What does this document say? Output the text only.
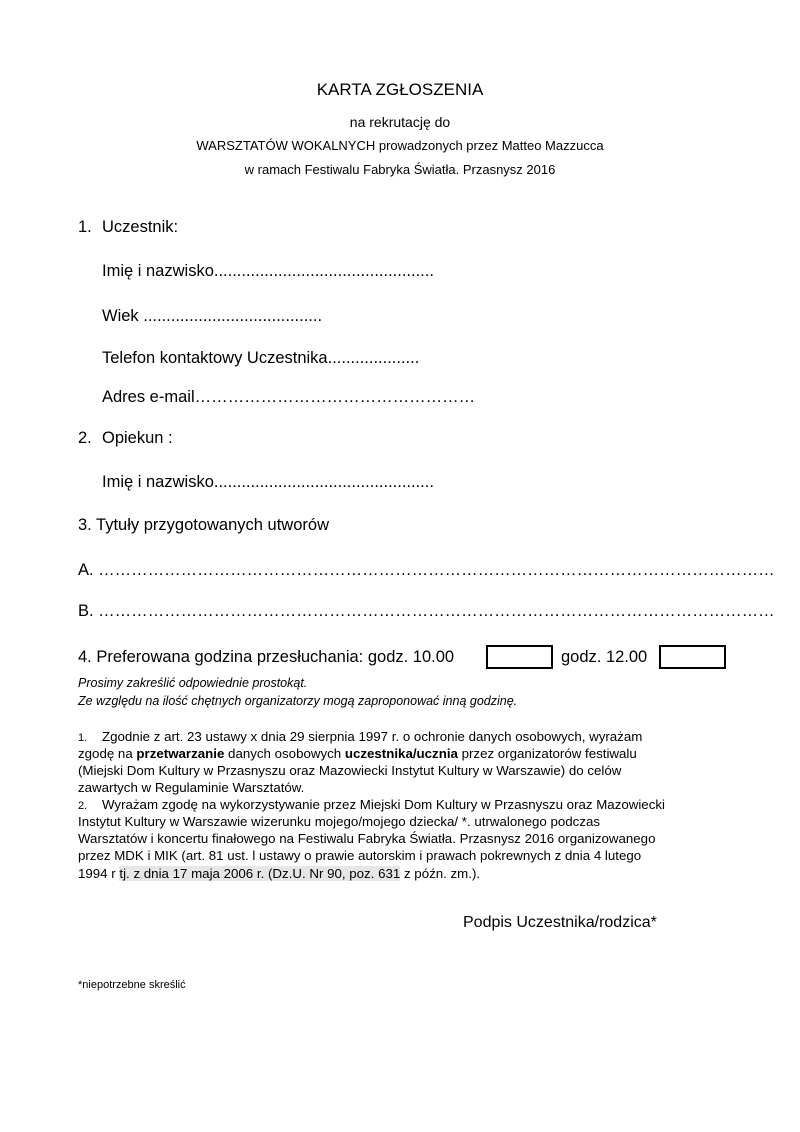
KARTA ZGŁOSZENIA
na rekrutację do
WARSZTATÓW WOKALNYCH prowadzonych przez Matteo Mazzucca
w ramach Festiwalu Fabryka Światła. Przasnysz 2016
1. Uczestnik:
Imię i nazwisko................................................
Wiek .......................................
Telefon kontaktowy Uczestnika....................
Adres e-mail……………………………………………
2. Opiekun :
Imię i nazwisko................................................
3. Tytuły przygotowanych utworów
A. ……………………………………………………………………………………………………………
B. ……………………………………………………………………………………………………………
4. Preferowana godzina przesłuchania: godz. 10.00	godz. 12.00
Prosimy zakreślić odpowiednie prostokąt.
Ze względu na ilość chętnych organizatorzy mogą zaproponować inną godzinę.
1. Zgodnie z art. 23 ustawy x dnia 29 sierpnia 1997 r. o ochronie danych osobowych, wyrażam
zgodę na przetwarzanie danych osobowych uczestnika/ucznia przez organizatorów festiwalu
(Miejski Dom Kultury w Przasnyszu oraz Mazowiecki Instytut Kultury w Warszawie) do celów
zawartych w Regulaminie Warsztatów.
2. Wyrażam zgodę na wykorzystywanie przez Miejski Dom Kultury w Przasnyszu oraz Mazowiecki
Instytut Kultury w Warszawie wizerunku mojego/mojego dziecka/ *. utrwalonego podczas
Warsztatów i koncertu finałowego na Festiwalu Fabryka Światła. Przasnysz 2016 organizowanego
przez MDK i MIK (art. 81 ust. l ustawy o prawie autorskim i prawach pokrewnych z dnia 4 lutego
1994 r tj. z dnia 17 maja 2006 r. (Dz.U. Nr 90, poz. 631 z późn. zm.).
Podpis Uczestnika/rodzica*
*niepotrzebne skreślić
